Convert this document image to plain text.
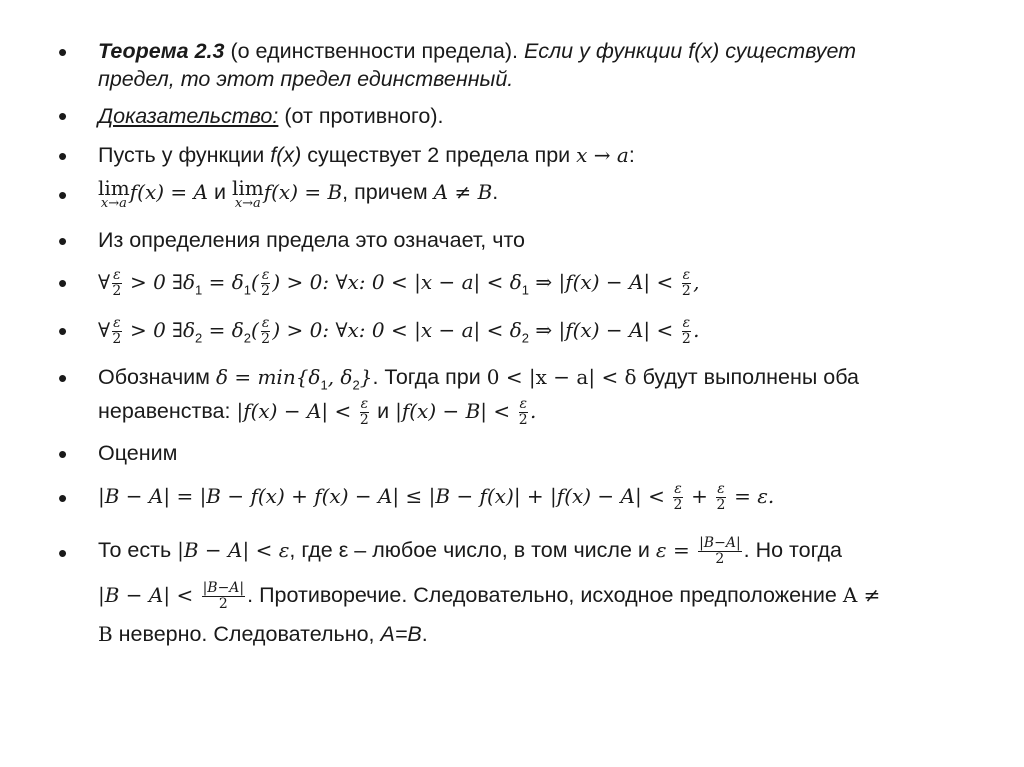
•
•
•
•
•
•
•
•
•
•
•
Теорема 2.3 (о единственности предела). Если у функции f(x) существует
предел, то этот предел единственный.
Доказательство: (от противного).
Пусть у функции f(x) существует 2 предела при x → a:
lim
x→a f(x) = A и lim
x→a f(x) = B, причем A ≠ B.
Из определения предела это означает, что
∀ $\frac{\varepsilon}{2} > 0$ $\exists\delta_1 = \delta_1( \frac{\varepsilon}{2}$ ) > 0: ∀x: $0 < |x - a| < \delta_1$ ⇒ $|f(x) - A| < \frac{\varepsilon}{2}$ ,
∀ $\frac{\varepsilon}{2} > 0$ $\exists\delta_2 = \delta_2( \frac{\varepsilon}{2}$ ) > 0: ∀x: $0 < |x - a| < \delta_2$ ⇒ $|f(x) - A| < \frac{\varepsilon}{2}$ .
Обозначим $\delta = \min\{\delta_1$, $\delta_2$}. Тогда при 0 < |x − a| < δ будут выполнены оба
неравенства: $|f(x) - A| < \frac{\varepsilon}{2}$ и $|f(x) - B| < \frac{\varepsilon}{2}$ .
Оценим
$|B - A| = |B - f(x) + f(x) - A| \le |B - f(x)| + |f(x) - A| < \frac{\varepsilon}{2} + \frac{\varepsilon}{2} = \varepsilon$.
То есть |B − A| < ε, где ε – любое число, в том числе и $\varepsilon = \frac{|B-A|}{2}$ . Но тогда
$|B - A| < \frac{|B-A|}{2}$ . Противоречие. Следовательно, исходное предположение A ≠
B неверно. Следовательно, A=B.
